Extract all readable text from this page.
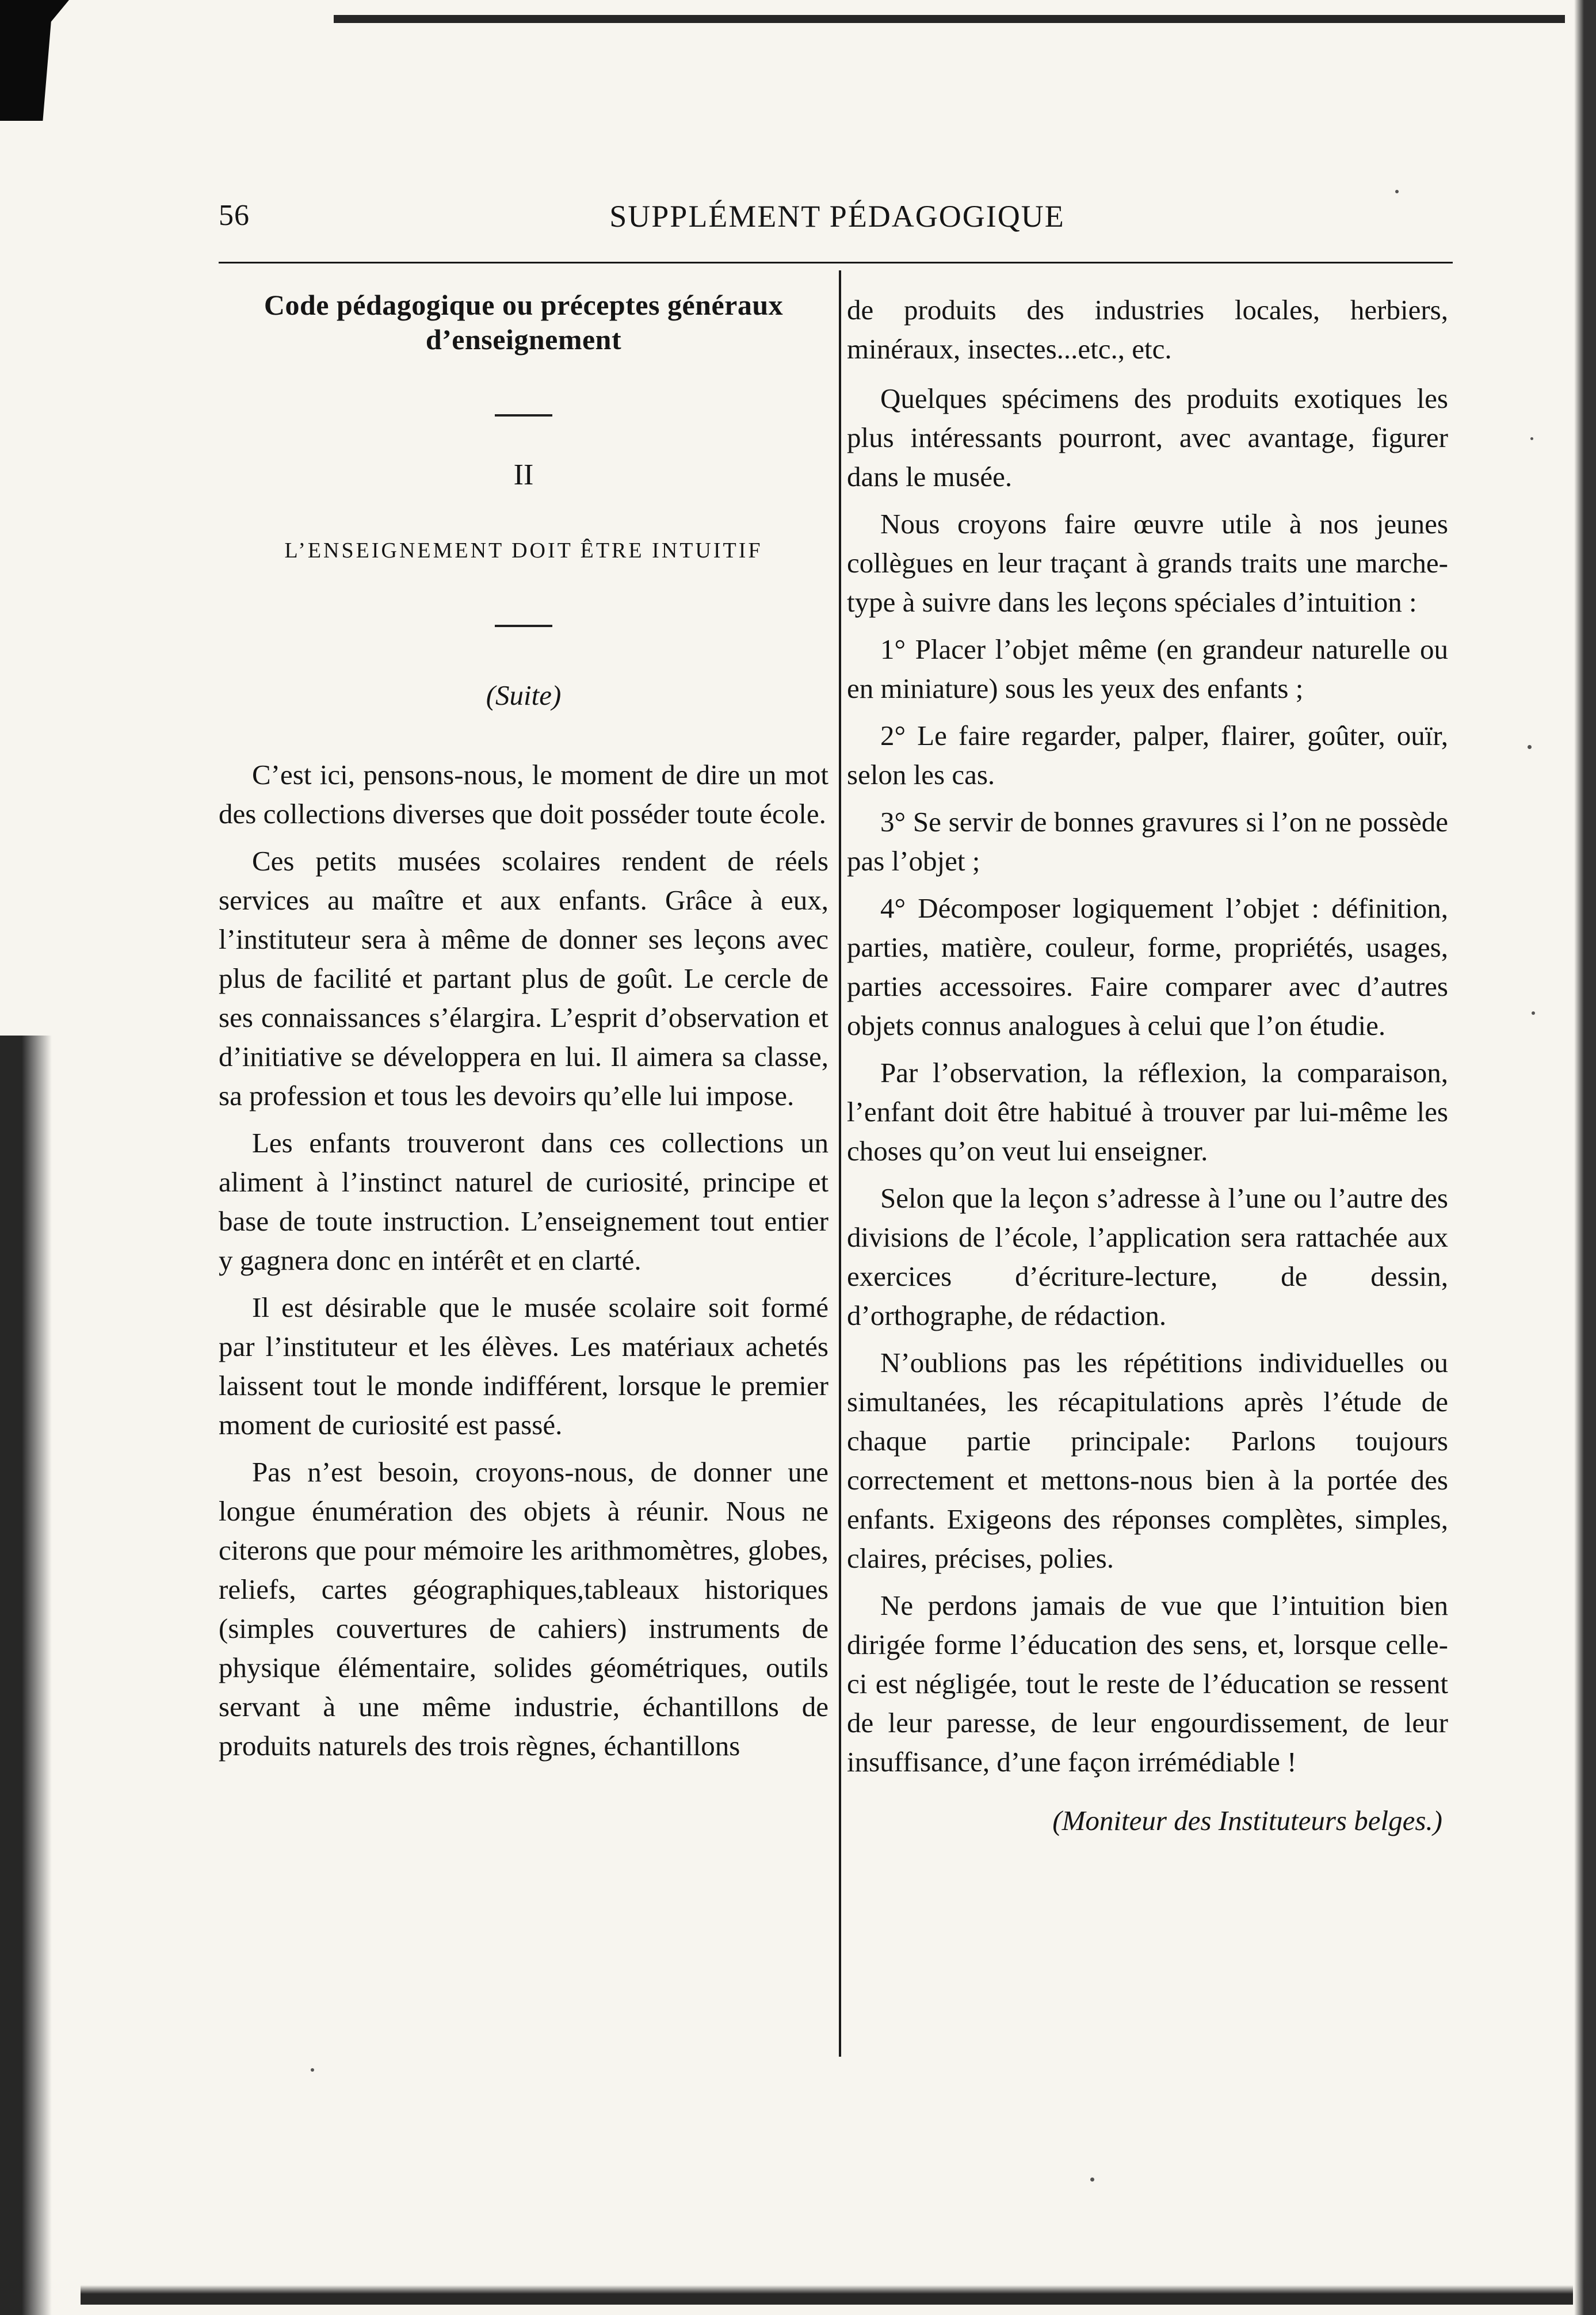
56	SUPPLÉMENT PÉDAGOGIQUE
Code pédagogique ou préceptes généraux d’enseignement
II
L’ENSEIGNEMENT DOIT ÊTRE INTUITIF
(Suite)

C’est ici, pensons-nous, le moment de dire un mot des collections diverses que doit posséder toute école.

Ces petits musées scolaires rendent de réels services au maître et aux enfants. Grâce à eux, l’instituteur sera à même de donner ses leçons avec plus de facilité et partant plus de goût. Le cercle de ses connaissances s’élargira. L’esprit d’observation et d’initiative se développera en lui. Il aimera sa classe, sa profession et tous les devoirs qu’elle lui impose.

Les enfants trouveront dans ces collections un aliment à l’instinct naturel de curiosité, principe et base de toute instruction. L’enseignement tout entier y gagnera donc en intérêt et en clarté.

Il est désirable que le musée scolaire soit formé par l’instituteur et les élèves. Les matériaux achetés laissent tout le monde indifférent, lorsque le premier moment de curiosité est passé.

Pas n’est besoin, croyons-nous, de donner une longue énumération des objets à réunir. Nous ne citerons que pour mémoire les arithmomètres, globes, reliefs, cartes géographiques,tableaux historiques (simples couvertures de cahiers) instruments de physique élémentaire, solides géométriques, outils servant à une même industrie, échantillons de produits naturels des trois règnes, échantillons

de produits des industries locales, herbiers, minéraux, insectes...etc., etc.

Quelques spécimens des produits exotiques les plus intéressants pourront, avec avantage, figurer dans le musée.

Nous croyons faire œuvre utile à nos jeunes collègues en leur traçant à grands traits une marche-type à suivre dans les leçons spéciales d’intuition :

1° Placer l’objet même (en grandeur naturelle ou en miniature) sous les yeux des enfants ;

2° Le faire regarder, palper, flairer, goûter, ouïr, selon les cas.

3° Se servir de bonnes gravures si l’on ne possède pas l’objet ;

4° Décomposer logiquement l’objet : définition, parties, matière, couleur, forme, propriétés, usages, parties accessoires. Faire comparer avec d’autres objets connus analogues à celui que l’on étudie.

Par l’observation, la réflexion, la comparaison, l’enfant doit être habitué à trouver par lui-même les choses qu’on veut lui enseigner.

Selon que la leçon s’adresse à l’une ou l’autre des divisions de l’école, l’application sera rattachée aux exercices d’écriture-lecture, de dessin, d’orthographe, de rédaction.

N’oublions pas les répétitions individuelles ou simultanées, les récapitulations après l’étude de chaque partie principale: Parlons toujours correctement et mettons-nous bien à la portée des enfants. Exigeons des réponses complètes, simples, claires, précises, polies.

Ne perdons jamais de vue que l’intuition bien dirigée forme l’éducation des sens, et, lorsque celle-ci est négligée, tout le reste de l’éducation se ressent de leur paresse, de leur engourdissement, de leur insuffisance, d’une façon irrémédiable !

(Moniteur des Instituteurs belges.)
